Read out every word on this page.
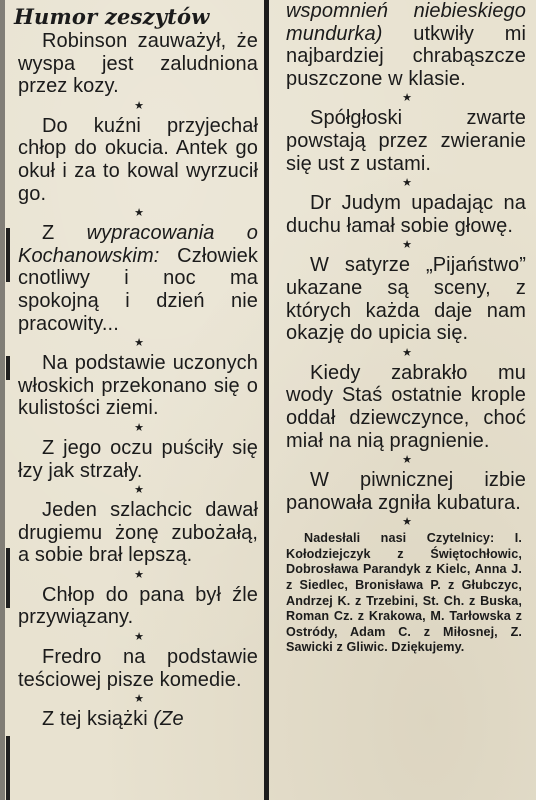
Humor zeszytów

Robinson zauważył, że wyspa jest zaludniona przez kozy.

★

Do kuźni przyjechał chłop do okucia. Antek go okuł i za to kowal wyrzucił go.

★

Z wypracowania o Kochanowskim: Człowiek cnotliwy i noc ma spokojną i dzień nie pracowity...

★

Na podstawie uczonych włoskich przekonano się o kulistości ziemi.

★

Z jego oczu puściły się łzy jak strzały.

★

Jeden szlachcic dawał drugiemu żonę zubożałą, a sobie brał lepszą.

★

Chłop do pana był źle przywiązany.

★

Fredro na podstawie teściowej pisze komedie.

★

Z tej książki (Ze

wspomnień niebieskiego mundurka) utkwiły mi najbardziej chrabąszcze puszczone w klasie.

★

Spółgłoski zwarte powstają przez zwieranie się ust z ustami.

★

Dr Judym upadając na duchu łamał sobie głowę.

★

W satyrze „Pijaństwo” ukazane są sceny, z których każda daje nam okazję do upicia się.

★

Kiedy zabrakło mu wody Staś ostatnie krople oddał dziewczynce, choć miał na nią pragnienie.

★

W piwnicznej izbie panowała zgniła kubatura.

★

Nadesłali nasi Czytelnicy: I. Kołodziejczyk z Świętochłowic, Dobrosława Parandyk z Kielc, Anna J. z Siedlec, Bronisława P. z Głubczyc, Andrzej K. z Trzebini, St. Ch. z Buska, Roman Cz. z Krakowa, M. Tarłowska z Ostródy, Adam C. z Miłosnej, Z. Sawicki z Gliwic. Dziękujemy.
